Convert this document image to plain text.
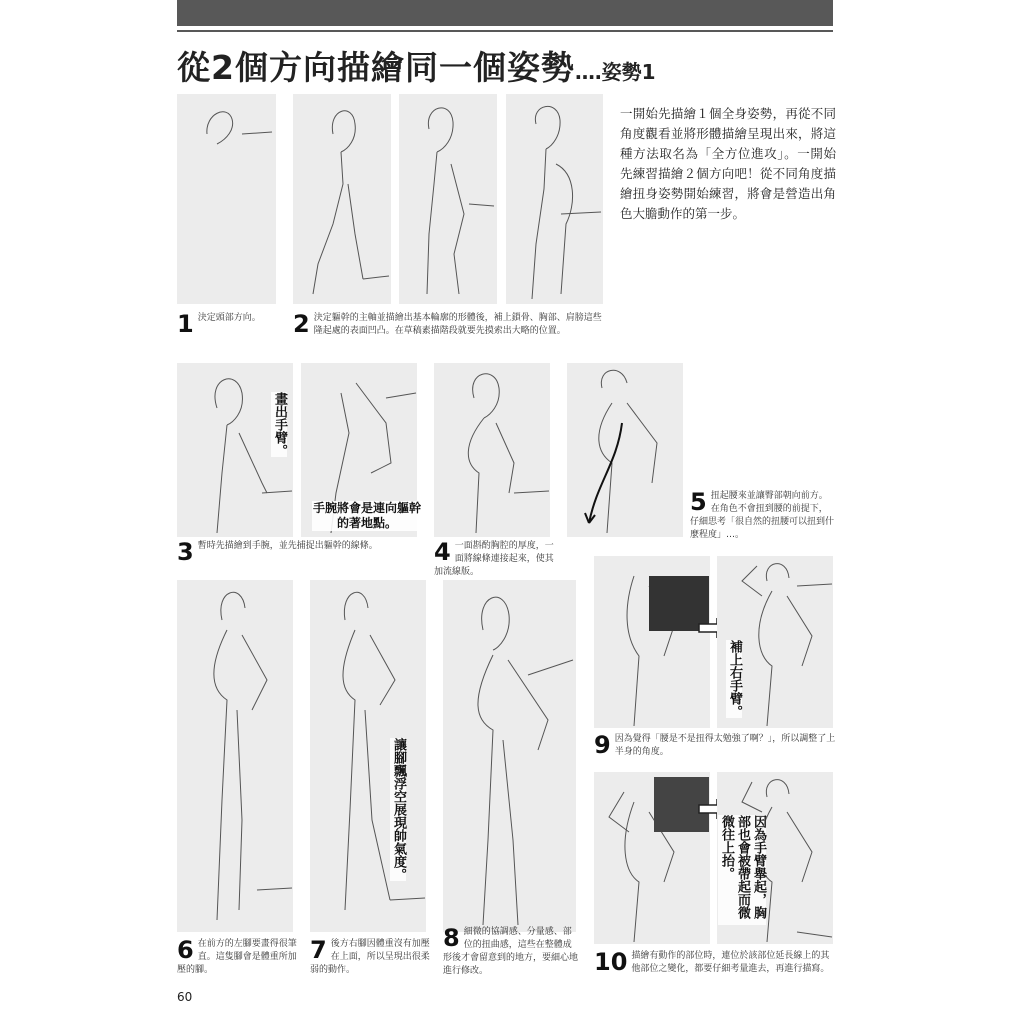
從2個方向描繪同一個姿勢‥‥姿勢1
一開始先描繪１個全身姿勢，再從不同角度觀看並將形體描繪呈現出來，將這種方法取名為「全方位進攻」。一開始先練習描繪２個方向吧！從不同角度描繪扭身姿勢開始練習，將會是營造出角色大膽動作的第一步。
1 決定頭部方向。	2 決定軀幹的主軸並描繪出基本輪廓的形體後，補上鎖骨、胸部、肩膀這些隆起處的表面凹凸。在草稿素描階段就要先摸索出大略的位置。
畫出手臂。
手腕將會是連向軀幹的著地點。
3 暫時先描繪到手腕，並先捕捉出軀幹的線條。	4 一面斟酌胸腔的厚度，一面將線條連接起來，使其加流線版。
5 扭起腰來並讓臀部朝向前方。在角色不會扭到腰的前提下，仔細思考「很自然的扭腰可以扭到什麼程度」…。
讓腳飄浮空展現帥氣度。
補上右手臂。
9 因為覺得「腰是不是扭得太勉強了啊？」，所以調整了上半身的角度。
因為手臂舉起，胸部也會被帶起而微微往上抬。
6 在前方的左腳要畫得很筆直。這隻腳會是體重所加壓的腳。
7 後方右腳因體重沒有加壓在上面，所以呈現出很柔弱的動作。
8 細微的協調感、分量感、部位的扭曲感，這些在整體成形後才會留意到的地方，要細心地進行修改。	10 描繪有動作的部位時，連位於該部位延長線上的其他部位之變化，都要仔細考量進去，再進行描寫。
60
